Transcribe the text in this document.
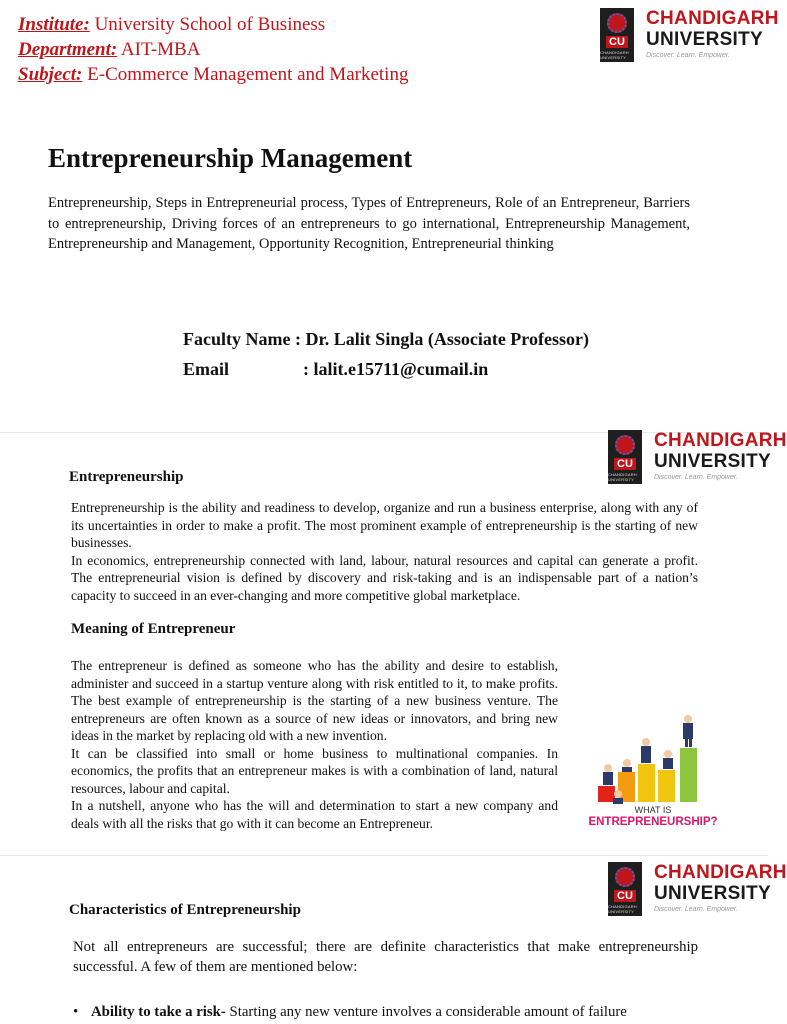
Institute: University School of Business
Department: AIT-MBA
Subject: E-Commerce Management and Marketing
CU
CHANDIGARH UNIVERSITY
CHANDIGARH
UNIVERSITY
Discover. Learn. Empower.
Entrepreneurship Management
Entrepreneurship, Steps in Entrepreneurial process, Types of Entrepreneurs, Role of an Entrepreneur, Barriers to entrepreneurship, Driving forces of an entrepreneurs to go international, Entrepreneurship Management, Entrepreneurship and Management, Opportunity Recognition, Entrepreneurial thinking
Faculty Name : Dr. Lalit Singla (Associate Professor)
Email	: lalit.e15711@cumail.in
CU
CHANDIGARH UNIVERSITY
CHANDIGARH
UNIVERSITY
Discover. Learn. Empower.
Entrepreneurship
Entrepreneurship is the ability and readiness to develop, organize and run a business enterprise, along with any of its uncertainties in order to make a profit. The most prominent example of entrepreneurship is the starting of new businesses.
In economics, entrepreneurship connected with land, labour, natural resources and capital can generate a profit. The entrepreneurial vision is defined by discovery and risk-taking and is an indispensable part of a nation’s capacity to succeed in an ever-changing and more competitive global marketplace.
Meaning of Entrepreneur
The entrepreneur is defined as someone who has the ability and desire to establish, administer and succeed in a startup venture along with risk entitled to it, to make profits. The best example of entrepreneurship is the starting of a new business venture. The entrepreneurs are often known as a source of new ideas or innovators, and bring new ideas in the market by replacing old with a new invention.
It can be classified into small or home business to multinational companies. In economics, the profits that an entrepreneur makes is with a combination of land, natural resources, labour and capital.
In a nutshell, anyone who has the will and determination to start a new company and deals with all the risks that go with it can become an Entrepreneur.
WHAT IS
ENTREPRENEURSHIP?
CU
CHANDIGARH UNIVERSITY
CHANDIGARH
UNIVERSITY
Discover. Learn. Empower.
Characteristics of Entrepreneurship
Not all entrepreneurs are successful; there are definite characteristics that make entrepreneurship successful. A few of them are mentioned below:
• Ability to take a risk- Starting any new venture involves a considerable amount of failure
